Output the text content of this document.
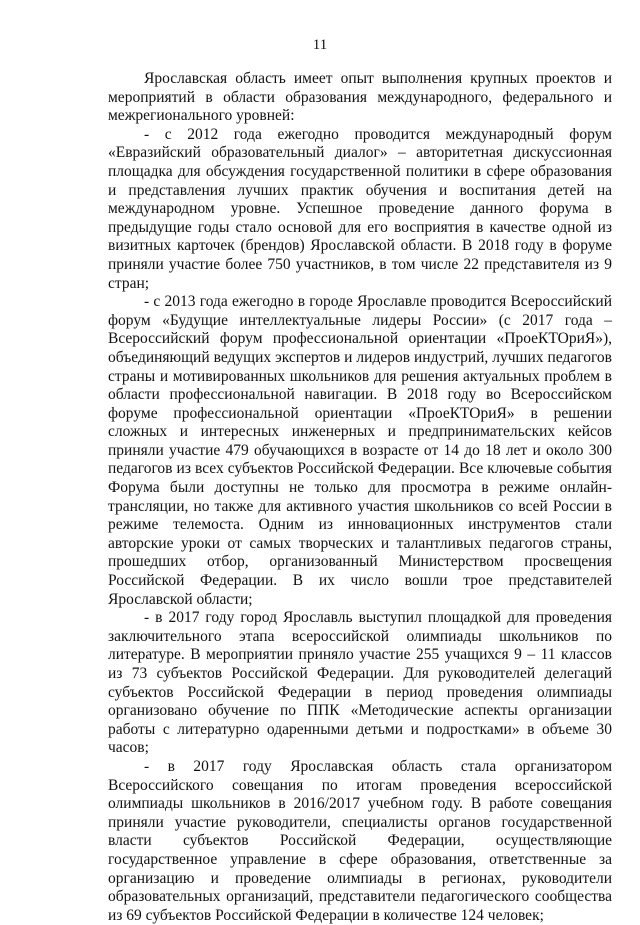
11

Ярославская область имеет опыт выполнения крупных проектов и мероприятий в области образования международного, федерального и межрегионального уровней:

- с 2012 года ежегодно проводится международный форум «Евразийский образовательный диалог» – авторитетная дискуссионная площадка для обсуждения государственной политики в сфере образования и представления лучших практик обучения и воспитания детей на международном уровне. Успешное проведение данного форума в предыдущие годы стало основой для его восприятия в качестве одной из визитных карточек (брендов) Ярославской области. В 2018 году в форуме приняли участие более 750 участников, в том числе 22 представителя из 9 стран;

- с 2013 года ежегодно в городе Ярославле проводится Всероссийский форум «Будущие интеллектуальные лидеры России» (с 2017 года – Всероссийский форум профессиональной ориентации «ПроеКТОриЯ»), объединяющий ведущих экспертов и лидеров индустрий, лучших педагогов страны и мотивированных школьников для решения актуальных проблем в области профессиональной навигации. В 2018 году во Всероссийском форуме профессиональной ориентации «ПроеКТОриЯ» в решении сложных и интересных инженерных и предпринимательских кейсов приняли участие 479 обучающихся в возрасте от 14 до 18 лет и около 300 педагогов из всех субъектов Российской Федерации. Все ключевые события Форума были доступны не только для просмотра в режиме онлайн-трансляции, но также для активного участия школьников со всей России в режиме телемоста. Одним из инновационных инструментов стали авторские уроки от самых творческих и талантливых педагогов страны, прошедших отбор, организованный Министерством просвещения Российской Федерации. В их число вошли трое представителей Ярославской области;

- в 2017 году город Ярославль выступил площадкой для проведения заключительного этапа всероссийской олимпиады школьников по литературе. В мероприятии приняло участие 255 учащихся 9 – 11 классов из 73 субъектов Российской Федерации. Для руководителей делегаций субъектов Российской Федерации в период проведения олимпиады организовано обучение по ППК «Методические аспекты организации работы с литературно одаренными детьми и подростками» в объеме 30 часов;

- в 2017 году Ярославская область стала организатором Всероссийского совещания по итогам проведения всероссийской олимпиады школьников в 2016/2017 учебном году. В работе совещания приняли участие руководители, специалисты органов государственной власти субъектов Российской Федерации, осуществляющие государственное управление в сфере образования, ответственные за организацию и проведение олимпиады в регионах, руководители образовательных организаций, представители педагогического сообщества из 69 субъектов Российской Федерации в количестве 124 человек;
